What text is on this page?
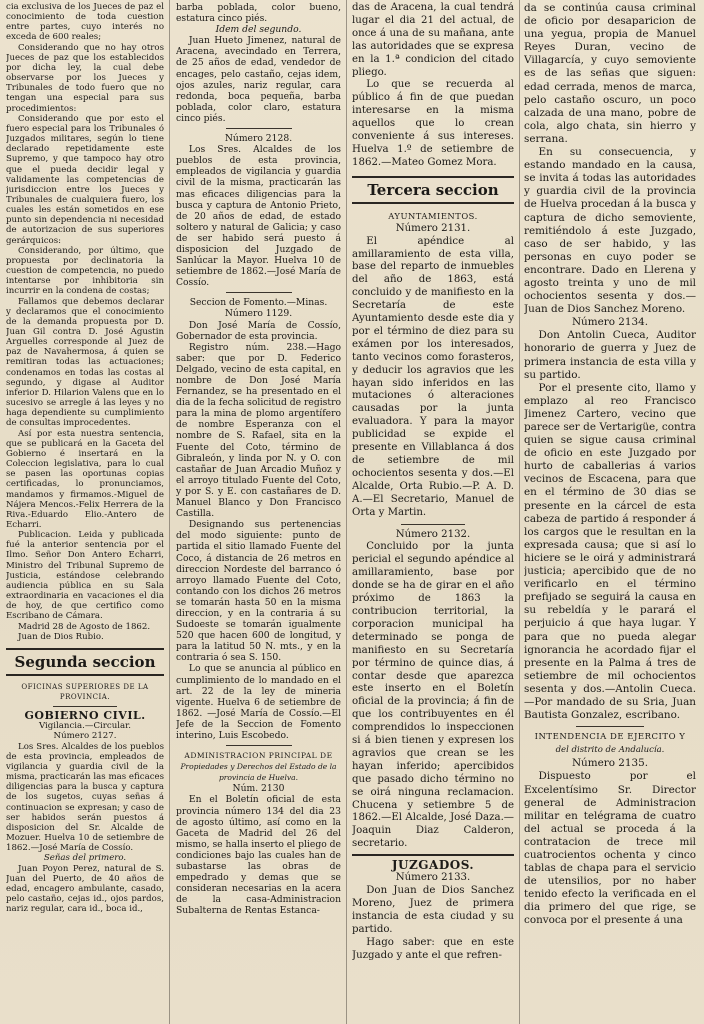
cia exclusiva de los Jueces de paz el conocimiento de toda cuestion entre partes, cuyo interés no exceda de 600 reales;

Considerando que no hay otros Jueces de paz que los establecidos por dicha ley, la cual debe observarse por los Jueces y Tribunales de todo fuero que no tengan una especial para sus procedimientos:

Considerando que por esto el fuero especial para los Tribunales ó Juzgados militares, según lo tiene declarado repetidamente este Supremo, y que tampoco hay otro que el pueda decidir legal y validamente las competencias de jurisdiccion entre los Jueces y Tribunales de cualquiera fuero, los cuales les están sometidos en ese punto sin dependencia ni necesidad de autorizacion de sus superiores gerárquicos:

Considerando, por último, que propuesta por declinatoria la cuestion de competencia, no puedo intentarse por inhibitoria sin incurrir en la condena de costas;

Fallamos que debemos declarar y declaramos que el conocimiento de la demanda propuesta por D. Juan Gil contra D. José Agustin Arguelles corresponde al Juez de paz de Navahermosa, á quien se remitiran todas las actuaciones; condenamos en todas las costas al segundo, y digase al Auditor inferior D. Hilarion Valens que en lo sucesivo se arregle á las leyes y no haga dependiente su cumplimiento de consultas improcedentes.

Así por esta nuestra sentencia, que se publicará en la Gaceta del Gobierno é insertará en la Coleccion legislativa, para lo cual se pasen las oportunas copias certificadas, lo pronunciamos, mandamos y firmamos.-Miguel de Nájera Mencos.-Felix Herrera de la Riva.-Eduardo Elio.-Antero de Echarri.

Publicacion. Leida y publicada fué la anterior sentencia por el Ilmo. Señor Don Antero Echarri, Ministro del Tribunal Supremo de Justicia, estándose celebrando audiencia pública en su Sala extraordinaria en vacaciones el dia de hoy, de que certifico como Escribano de Cámara.

Madrid 28 de Agosto de 1862.

Juan de Dios Rubio.

Segunda seccion

OFICINAS SUPERIORES DE LA PROVINCIA.

GOBIERNO CIVIL.

Vigilancia.—Circular.

Número 2127.

Los Sres. Alcaldes de los pueblos de esta provincia, empleados de vigilancia y guardia civil de la misma, practicarán las mas eficaces diligencias para la busca y captura de los sugetos, cuyas señas á continuacion se expresan; y caso de ser habidos serán puestos á disposicion del Sr. Alcalde de Mozuer. Huelva 10 de setiembre de 1862.—José María de Cossío.

Señas del primero.

Juan Poyon Perez, natural de S. Juan del Puerto, de 40 años de edad, encagero ambulante, casado, pelo castaño, cejas id., ojos pardos, nariz regular, cara id., boca id.,

barba poblada, color bueno, estatura cinco piés.

Idem del segundo.

Juan Hueto Jimenez, natural de Aracena, avecindado en Terrera, de 25 años de edad, vendedor de encages, pelo castaño, cejas idem, ojos azules, nariz regular, cara redonda, boca pequeña, barba poblada, color claro, estatura cinco piés.

Número 2128.

Los Sres. Alcaldes de los pueblos de esta provincia, empleados de vigilancia y guardia civil de la misma, practicarán las mas eficaces diligencias para la busca y captura de Antonio Prieto, de 20 años de edad, de estado soltero y natural de Galicia; y caso de ser habido será puesto á disposicion del Juzgado de Sanlúcar la Mayor. Huelva 10 de setiembre de 1862.—José María de Cossío.

Seccion de Fomento.—Minas.

Número 1129.

Don José María de Cossío, Gobernador de esta provincia.

Registro núm. 238.—Hago saber: que por D. Federico Delgado, vecino de esta capital, en nombre de Don José María Fernandez, se ha presentado en el dia de la fecha solicitud de registro para la mina de plomo argentífero de nombre Esperanza con el nombre de S. Rafael, sita en la Fuente del Coto, término de Gibraleón, y linda por N. y O. con castañar de Juan Arcadio Muñoz y el arroyo titulado Fuente del Coto, y por S. y E. con castañares de D. Manuel Blanco y Don Francisco Castilla.

Designando sus pertenencias del modo siguiente: punto de partida el sitio llamado Fuente del Coco, á distancia de 26 metros en direccion Nordeste del barranco ó arroyo llamado Fuente del Coto, contando con los dichos 26 metros se tomarán hasta 50 en la misma direccion, y en la contraria á su Sudoeste se tomarán igualmente 520 que hacen 600 de longitud, y para la latitud 50 N. mts., y en la contraria ó sea S. 150.

Lo que se anuncia al público en cumplimiento de lo mandado en el art. 22 de la ley de mineria vigente. Huelva 6 de setiembre de 1862. —José María de Cossío.—El Jefe de la Seccion de Fomento interino, Luis Escobedo.

ADMINISTRACION PRINCIPAL DE

Propiedades y Derechos del Estado de la provincia de Huelva.

Núm. 2130

En el Boletín oficial de esta provincia número 134 del dia 23 de agosto último, así como en la Gaceta de Madrid del 26 del mismo, se halla inserto el pliego de condiciones bajo las cuales han de subastarse las obras de empedrado y demas que se consideran necesarias en la acera de la casa-Administracion Subalterna de Rentas Estanca-

das de Aracena, la cual tendrá lugar el dia 21 del actual, de once á una de su mañana, ante las autoridades que se expresa en la 1.ª condicion del citado pliego.

Lo que se recuerda al público á fin de que puedan interesarse en la misma aquellos que lo crean conveniente á sus intereses. Huelva 1.º de setiembre de 1862.—Mateo Gomez Mora.

Tercera seccion

AYUNTAMIENTOS.

Número 2131.

El apéndice al amillaramiento de esta villa, base del reparto de inmuebles del año de 1863, está concluido y de manifiesto en la Secretaría de este Ayuntamiento desde este dia y por el término de diez para su exámen por los interesados, tanto vecinos como forasteros, y deducir los agravios que les hayan sido inferidos en las mutaciones ó alteraciones causadas por la junta evaluadora. Y para la mayor publicidad se expide el presente en Villablanca á dos de setiembre de mil ochocientos sesenta y dos.—El Alcalde, Orta Rubio.—P. A. D. A.—El Secretario, Manuel de Orta y Martin.

Número 2132.

Concluido por la junta pericial el segundo apéndice al amillaramiento, base por donde se ha de girar en el año próximo de 1863 la contribucion territorial, la corporacion municipal ha determinado se ponga de manifiesto en su Secretaría por término de quince dias, á contar desde que aparezca este inserto en el Boletín oficial de la provincia; á fin de que los contribuyentes en él comprendidos lo inspeccionen si á bien tienen y expresen los agravios que crean se les hayan inferido; apercibidos que pasado dicho término no se oirá ninguna reclamacion. Chucena y setiembre 5 de 1862.—El Alcalde, José Daza.—Joaquin Diaz Calderon, secretario.

JUZGADOS.

Número 2133.

Don Juan de Dios Sanchez Moreno, Juez de primera instancia de esta ciudad y su partido.

Hago saber: que en este Juzgado y ante el que refren-

da se continúa causa criminal de oficio por desaparicion de una yegua, propia de Manuel Reyes Duran, vecino de Villagarcía, y cuyo semoviente es de las señas que siguen: edad cerrada, menos de marca, pelo castaño oscuro, un poco calzada de una mano, pobre de cola, algo chata, sin hierro y serrana.

En su consecuencia, y estando mandado en la causa, se invita á todas las autoridades y guardia civil de la provincia de Huelva procedan á la busca y captura de dicho semoviente, remitiéndolo á este Juzgado, caso de ser habido, y las personas en cuyo poder se encontrare. Dado en Llerena y agosto treinta y uno de mil ochocientos sesenta y dos.—Juan de Dios Sanchez Moreno.

Número 2134.

Don Antolin Cueca, Auditor honorario de guerra y Juez de primera instancia de esta villa y su partido.

Por el presente cito, llamo y emplazo al reo Francisco Jimenez Cartero, vecino que parece ser de Vertarigüe, contra quien se sigue causa criminal de oficio en este Juzgado por hurto de caballerias á varios vecinos de Escacena, para que en el término de 30 dias se presente en la cárcel de esta cabeza de partido á responder á los cargos que le resultan en la expresada causa; que si así lo hiciere se le oirá y administrará justicia; apercibido que de no verificarlo en el término prefijado se seguirá la causa en su rebeldía y le parará el perjuicio á que haya lugar. Y para que no pueda alegar ignorancia he acordado fijar el presente en la Palma á tres de setiembre de mil ochocientos sesenta y dos.—Antolin Cueca.—Por mandado de su Sria, Juan Bautista Gonzalez, escribano.

INTENDENCIA DE EJERCITO Y

del distrito de Andalucía.

Número 2135.

Dispuesto por el Excelentísimo Sr. Director general de Administracion militar en telégrama de cuatro del actual se proceda á la contratacion de trece mil cuatrocientos ochenta y cinco tablas de chapa para el servicio de utensilios, por no haber tenido efecto la verificada en el dia primero del que rige, se convoca por el presente á una
